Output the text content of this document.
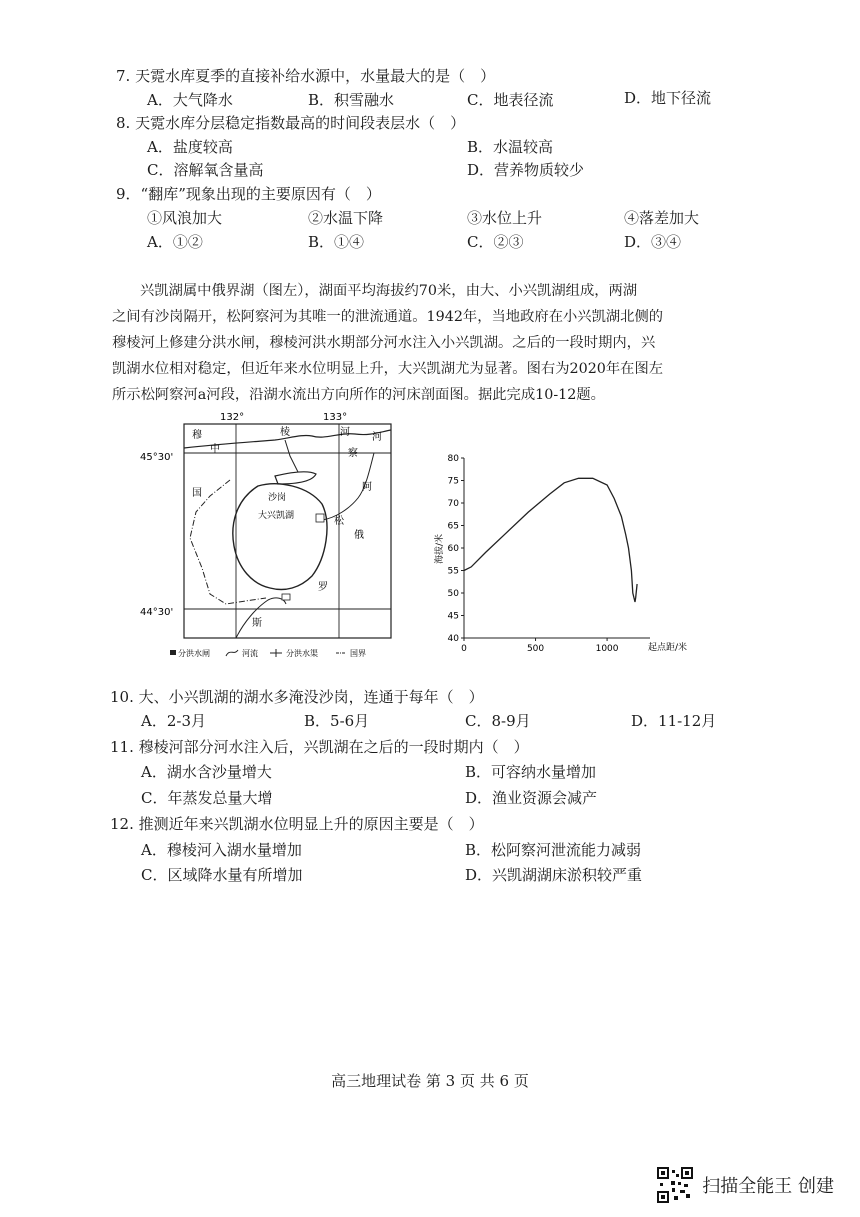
7. 天霓水库夏季的直接补给水源中，水量最大的是（　）
A．大气降水	B．积雪融水	C．地表径流	D．地下径流
8. 天霓水库分层稳定指数最高的时间段表层水（　）
A．盐度较高	B．水温较高
C．溶解氧含量高	D．营养物质较少
9．“翻库”现象出现的主要原因有（　）
①风浪加大	②水温下降	③水位上升	④落差加大
A．①②	B．①④	C．②③	D．③④
兴凯湖属中俄界湖（图左），湖面平均海拔约70米，由大、小兴凯湖组成，两湖
之间有沙岗隔开，松阿察河为其唯一的泄流通道。1942年，当地政府在小兴凯湖北侧的
穆棱河上修建分洪水闸，穆棱河洪水期部分河水注入小兴凯湖。之后的一段时期内，兴
凯湖水位相对稳定，但近年来水位明显上升，大兴凯湖尤为显著。图右为2020年在图左
所示松阿察河a河段，沿湖水流出方向所作的河床剖面图。据此完成10-12题。
132°	133°
45°30'
44°30'
穆
中
棱	河 河
察
国	沙岗
阿
大兴凯湖	松
俄
罗
斯
分洪水闸	河流	分洪水渠	国界
40
45
50
55
60
65
70
75
80
0	500	1000
海拔/米
起点距/米
10. 大、小兴凯湖的湖水多淹没沙岗，连通于每年（　）
A．2-3月	B．5-6月	C．8-9月	D．11-12月
11. 穆棱河部分河水注入后，兴凯湖在之后的一段时期内（　）
A．湖水含沙量增大	B．可容纳水量增加
C．年蒸发总量大增	D．渔业资源会减产
12. 推测近年来兴凯湖水位明显上升的原因主要是（　）
A．穆棱河入湖水量增加	B．松阿察河泄流能力减弱
C．区域降水量有所增加	D．兴凯湖湖床淤积较严重
高三地理试卷 第 3 页 共 6 页
扫描全能王 创建
